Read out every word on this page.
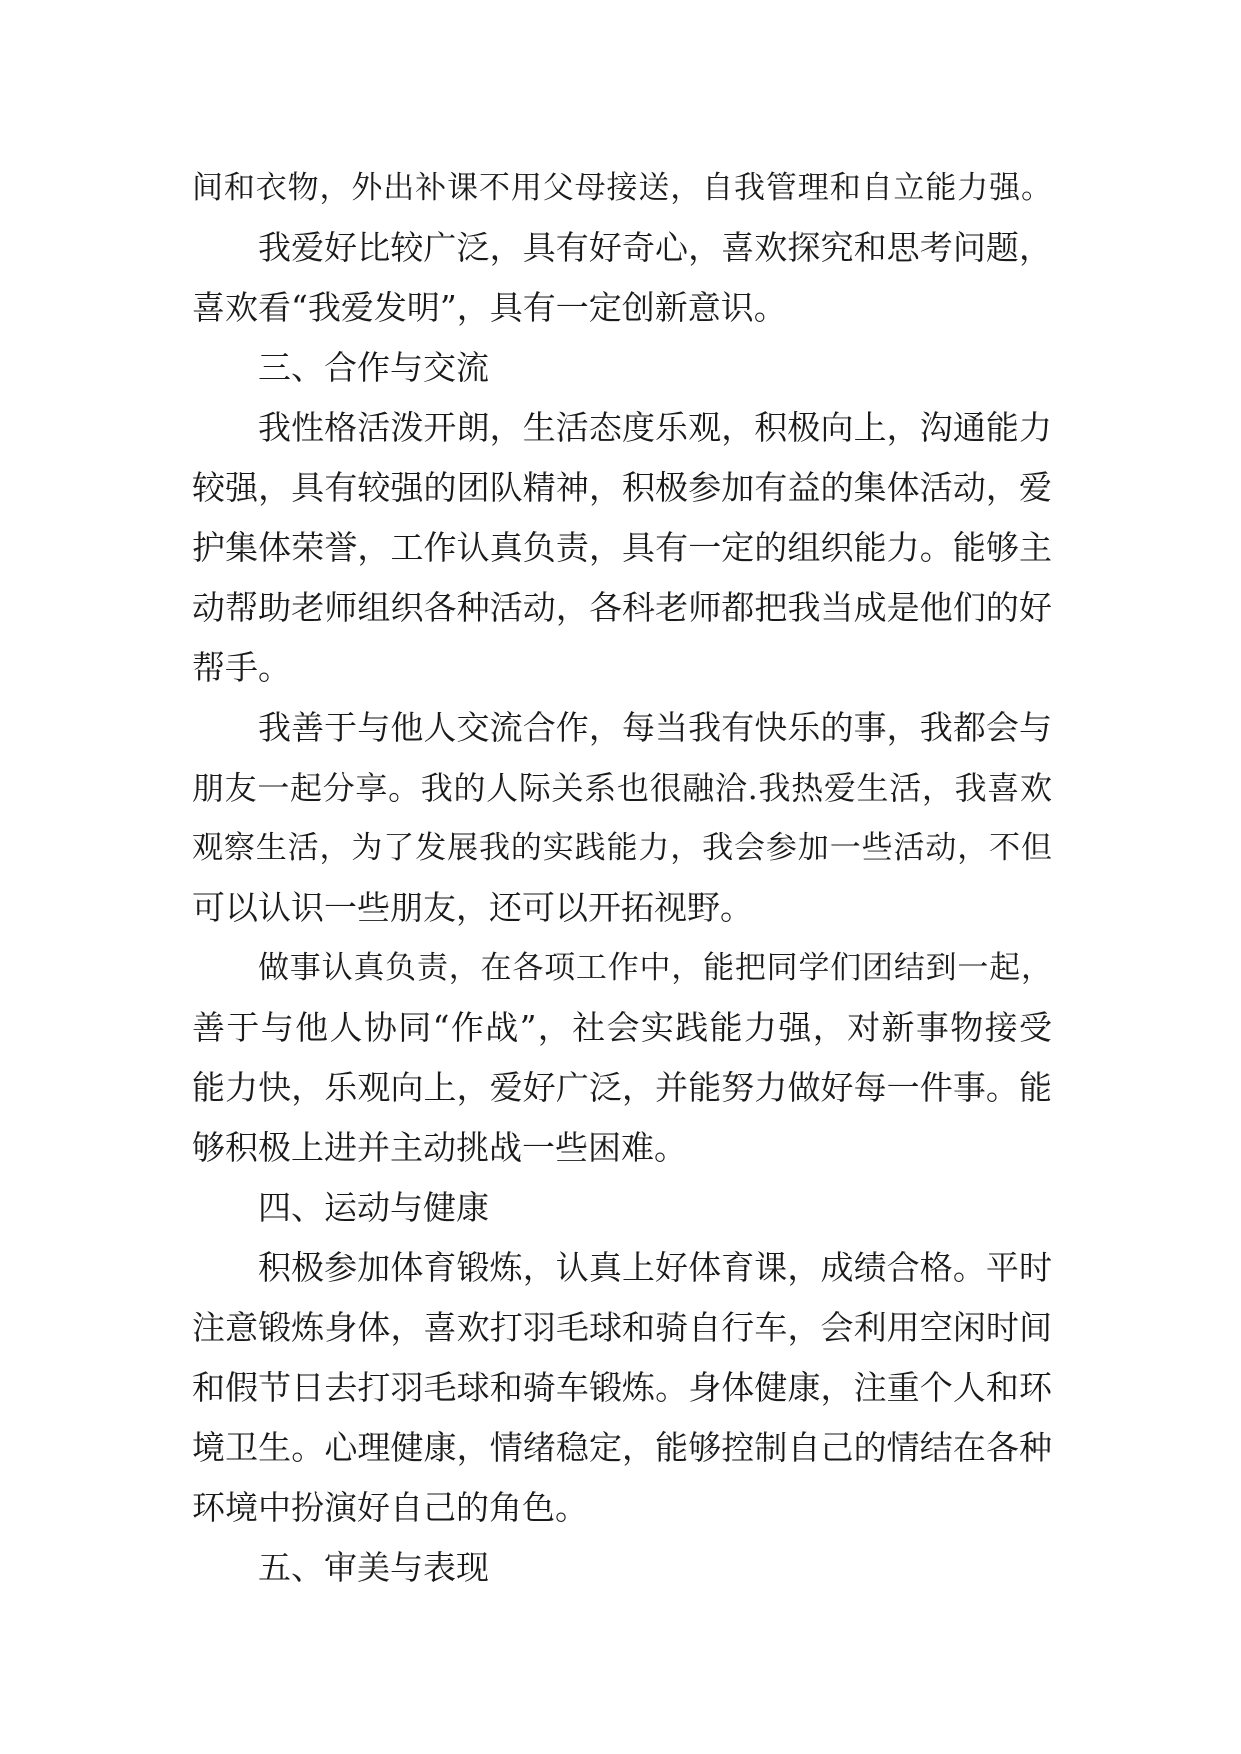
间和衣物，外出补课不用父母接送，自我管理和自立能力强。
我爱好比较广泛，具有好奇心，喜欢探究和思考问题，
喜欢看“我爱发明”，具有一定创新意识。
三、合作与交流
我性格活泼开朗，生活态度乐观，积极向上，沟通能力
较强，具有较强的团队精神，积极参加有益的集体活动，爱
护集体荣誉，工作认真负责，具有一定的组织能力。能够主
动帮助老师组织各种活动，各科老师都把我当成是他们的好
帮手。
我善于与他人交流合作，每当我有快乐的事，我都会与
朋友一起分享。我的人际关系也很融洽.我热爱生活，我喜欢
观察生活，为了发展我的实践能力，我会参加一些活动，不但
可以认识一些朋友，还可以开拓视野。
做事认真负责，在各项工作中，能把同学们团结到一起，
善于与他人协同“作战”，社会实践能力强，对新事物接受
能力快，乐观向上，爱好广泛，并能努力做好每一件事。能
够积极上进并主动挑战一些困难。
四、运动与健康
积极参加体育锻炼，认真上好体育课，成绩合格。平时
注意锻炼身体，喜欢打羽毛球和骑自行车，会利用空闲时间
和假节日去打羽毛球和骑车锻炼。身体健康，注重个人和环
境卫生。心理健康，情绪稳定，能够控制自己的情结在各种
环境中扮演好自己的角色。
五、审美与表现
